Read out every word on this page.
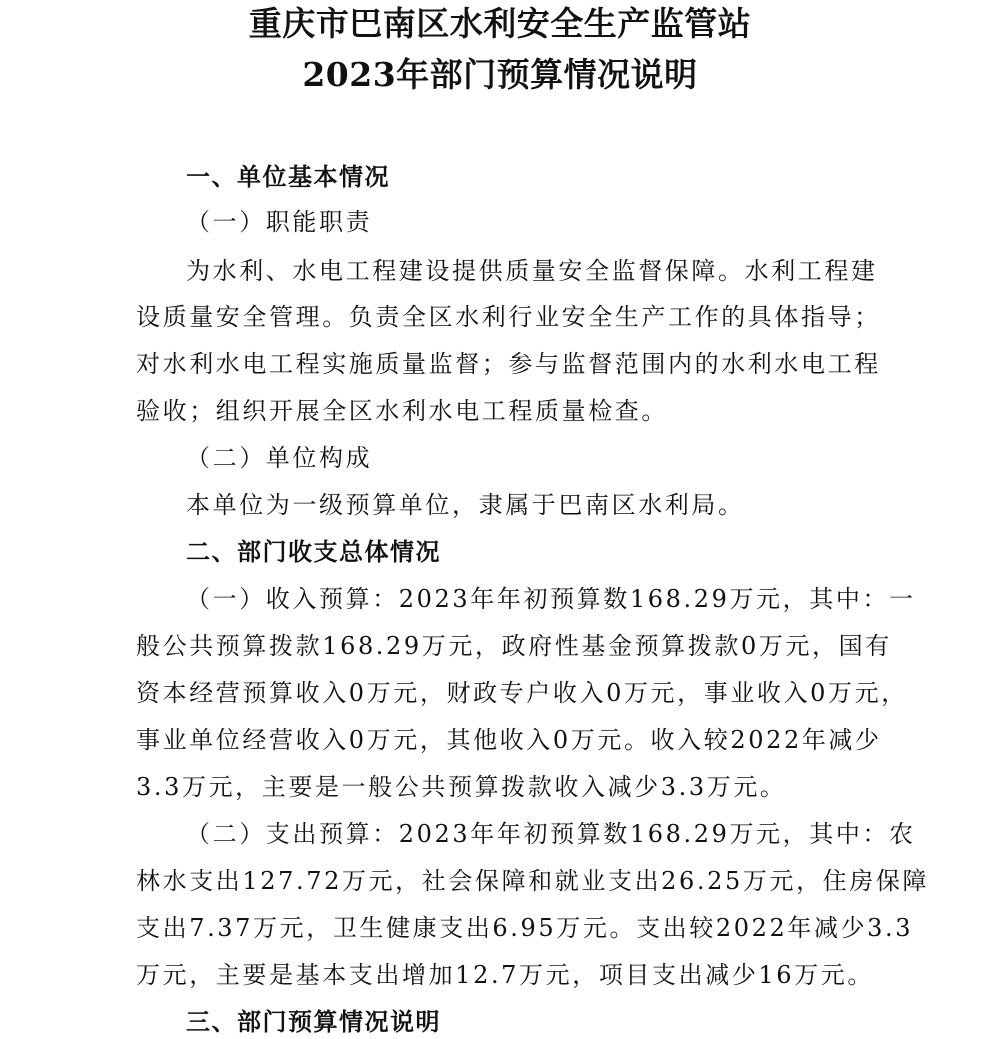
重庆市巴南区水利安全生产监管站
2023年部门预算情况说明
一、单位基本情况
（一）职能职责
为水利、水电工程建设提供质量安全监督保障。水利工程建
设质量安全管理。负责全区水利行业安全生产工作的具体指导；
对水利水电工程实施质量监督；参与监督范围内的水利水电工程
验收；组织开展全区水利水电工程质量检查。
（二）单位构成
本单位为一级预算单位，隶属于巴南区水利局。
二、部门收支总体情况
（一）收入预算：2023年年初预算数168.29万元，其中：一
般公共预算拨款168.29万元，政府性基金预算拨款0万元，国有
资本经营预算收入0万元，财政专户收入0万元，事业收入0万元，
事业单位经营收入0万元，其他收入0万元。收入较2022年减少
3.3万元，主要是一般公共预算拨款收入减少3.3万元。
（二）支出预算：2023年年初预算数168.29万元，其中：农
林水支出127.72万元，社会保障和就业支出26.25万元，住房保障
支出7.37万元，卫生健康支出6.95万元。支出较2022年减少3.3
万元，主要是基本支出增加12.7万元，项目支出减少16万元。
三、部门预算情况说明
